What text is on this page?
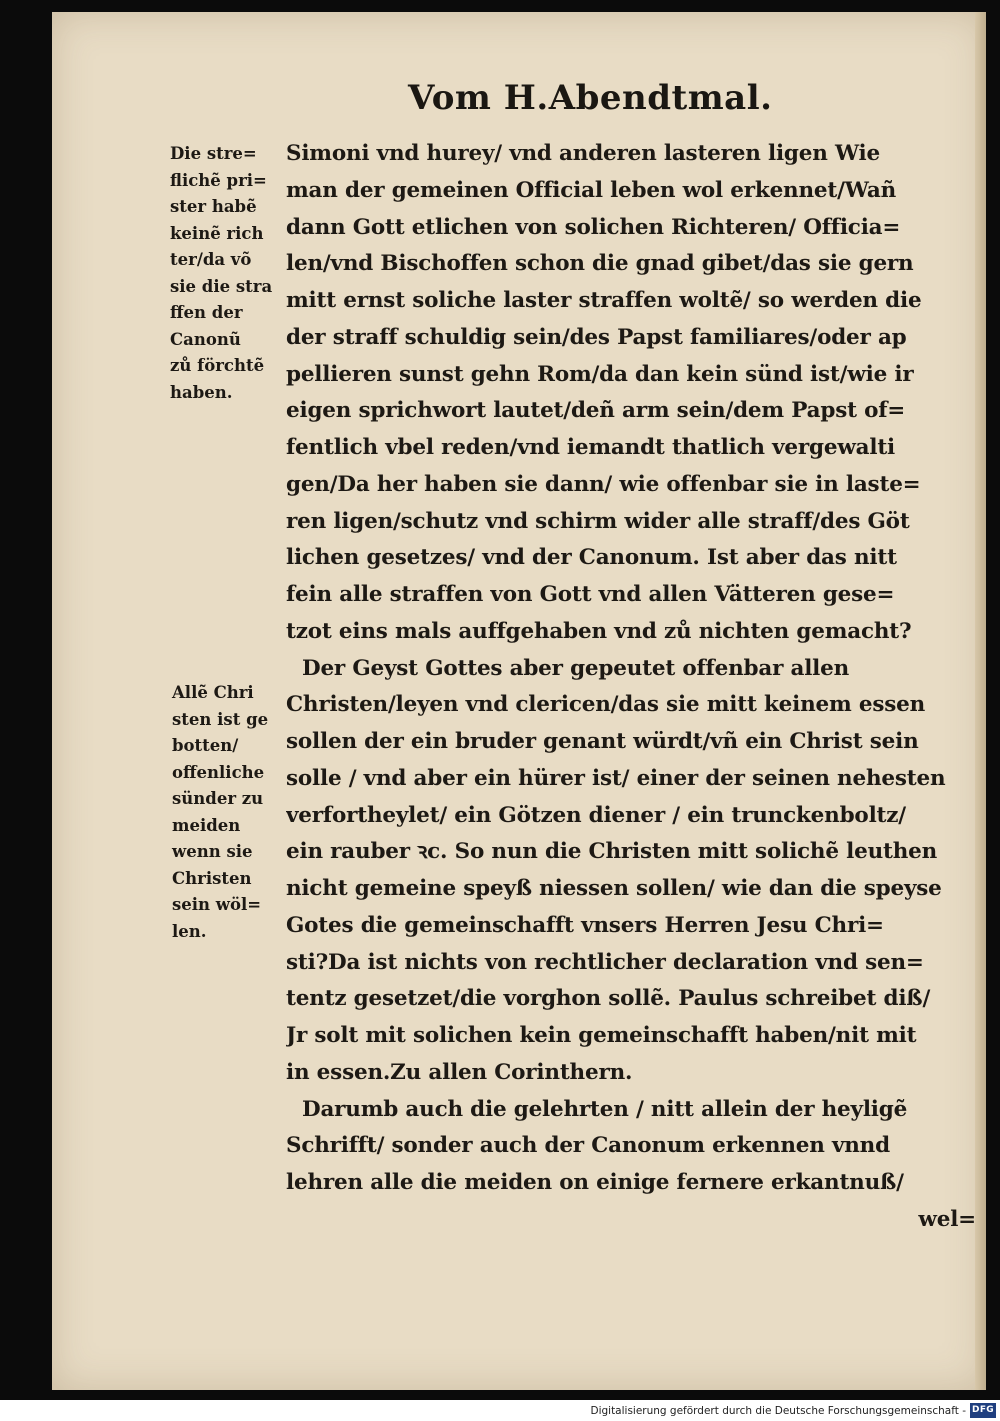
Vom H.Abendtmal.
Simoni vnd hurey/ vnd anderen lasteren ligen Wie
man der gemeinen Official leben wol erkennet/Wañ
dann Gott etlichen von solichen Richteren/ Officia=
len/vnd Bischoffen schon die gnad gibet/das sie gern
mitt ernst soliche laster straffen woltẽ/ so werden die
der straff schuldig sein/des Papst familiares/oder ap
pellieren sunst gehn Rom/da dan kein sünd ist/wie ir
eigen sprichwort lautet/deñ arm sein/dem Papst of=
fentlich vbel reden/vnd iemandt thatlich vergewalti
gen/Da her haben sie dann/ wie offenbar sie in laste=
ren ligen/schutz vnd schirm wider alle straff/des Göt
lichen gesetzes/ vnd der Canonum. Ist aber das nitt
fein alle straffen von Gott vnd allen Vätteren gese=
tzot eins mals auffgehaben vnd zů nichten gemacht?
Der Geyst Gottes aber gepeutet offenbar allen
Christen/leyen vnd clericen/das sie mitt keinem essen
sollen der ein bruder genant würdt/vñ ein Christ sein
solle / vnd aber ein hürer ist/ einer der seinen nehesten
verfortheylet/ ein Götzen diener / ein trunckenboltz/
ein rauber ꝛc. So nun die Christen mitt solichẽ leuthen
nicht gemeine speyß niessen sollen/ wie dan die speyse
Gotes die gemeinschafft vnsers Herren Jesu Chri=
sti?Da ist nichts von rechtlicher declaration vnd sen=
tentz gesetzet/die vorghon sollẽ. Paulus schreibet diß/
Jr solt mit solichen kein gemeinschafft haben/nit mit
in essen.Zu allen Corinthern.
Darumb auch die gelehrten / nitt allein der heyligẽ
Schrifft/ sonder auch der Canonum erkennen vnnd
lehren alle die meiden on einige fernere erkantnuß/
wel=
Die stre=
flichẽ pri=
ster habẽ
keinẽ rich
ter/da võ
sie die stra
ffen der
Canonũ
zů förchtẽ
haben.
Allẽ Chri
sten ist ge
botten/
offenliche
sünder zu
meiden
wenn sie
Christen
sein wöl=
len.
Digitalisierung gefördert durch die Deutsche Forschungsgemeinschaft - DFG
